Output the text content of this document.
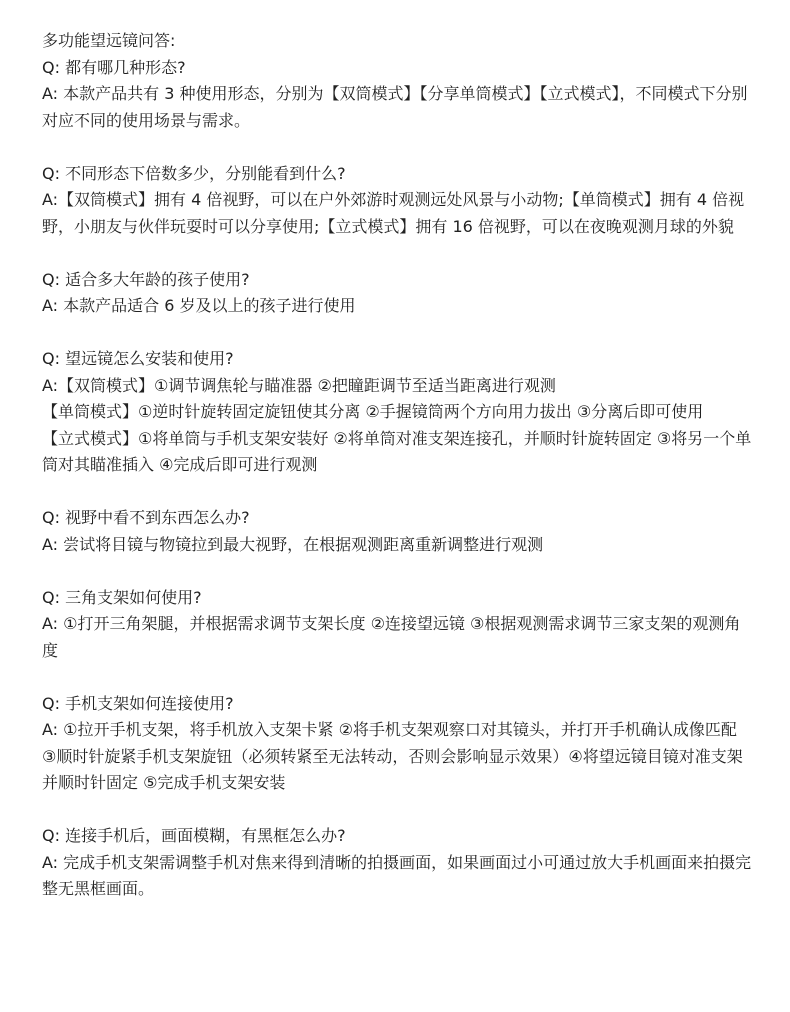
多功能望远镜问答:

Q: 都有哪几种形态?

A: 本款产品共有 3 种使用形态，分别为【双筒模式】【分享单筒模式】【立式模式】，不同模式下分别对应不同的使用场景与需求。

Q: 不同形态下倍数多少，分别能看到什么?

A:【双筒模式】拥有 4 倍视野，可以在户外郊游时观测远处风景与小动物;【单筒模式】拥有 4 倍视野，小朋友与伙伴玩耍时可以分享使用;【立式模式】拥有 16 倍视野，可以在夜晚观测月球的外貌

Q: 适合多大年龄的孩子使用?

A: 本款产品适合 6 岁及以上的孩子进行使用

Q: 望远镜怎么安装和使用?

A:【双筒模式】①调节调焦轮与瞄准器 ②把瞳距调节至适当距离进行观测

【单筒模式】①逆时针旋转固定旋钮使其分离 ②手握镜筒两个方向用力拔出 ③分离后即可使用

【立式模式】①将单筒与手机支架安装好 ②将单筒对准支架连接孔，并顺时针旋转固定 ③将另一个单筒对其瞄准插入 ④完成后即可进行观测

Q: 视野中看不到东西怎么办?

A: 尝试将目镜与物镜拉到最大视野，在根据观测距离重新调整进行观测

Q: 三角支架如何使用?

A: ①打开三角架腿，并根据需求调节支架长度 ②连接望远镜 ③根据观测需求调节三家支架的观测角度

Q: 手机支架如何连接使用?

A: ①拉开手机支架，将手机放入支架卡紧 ②将手机支架观察口对其镜头，并打开手机确认成像匹配 ③顺时针旋紧手机支架旋钮（必须转紧至无法转动，否则会影响显示效果）④将望远镜目镜对准支架并顺时针固定 ⑤完成手机支架安装

Q: 连接手机后，画面模糊，有黑框怎么办?

A: 完成手机支架需调整手机对焦来得到清晰的拍摄画面，如果画面过小可通过放大手机画面来拍摄完整无黑框画面。
